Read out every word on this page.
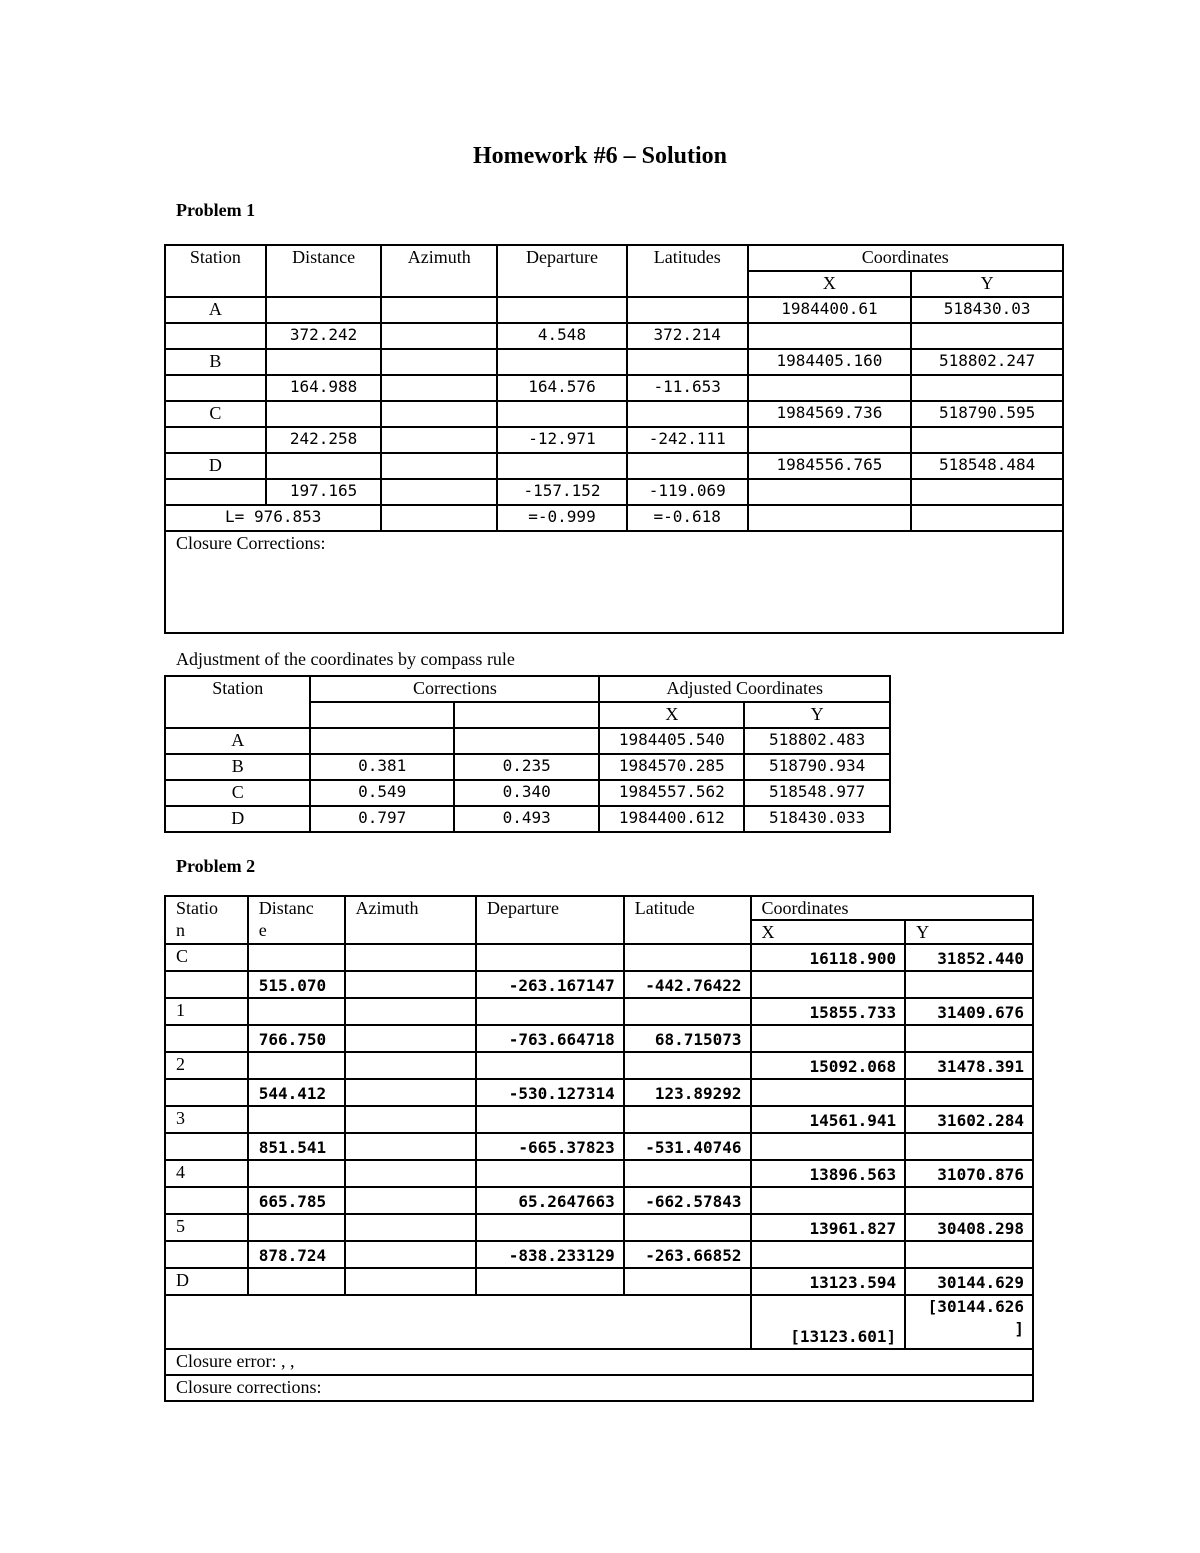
Homework #6 – Solution
Problem 1
Station	Distance	Azimuth	Departure	Latitudes	Coordinates	
					X	Y
A					1984400.61	518430.03
	372.242		4.548	372.214		
B					1984405.160	518802.247
	164.988		164.576	-11.653		
C					1984569.736	518790.595
	242.258		-12.971	-242.111		
D					1984556.765	518548.484
	197.165		-157.152	-119.069		
L= 976.853			=-0.999	=-0.618		
Closure Corrections:						
Adjustment of the coordinates by compass rule
Station	Corrections		Adjusted Coordinates	
			X	Y
A			1984405.540	518802.483
B	0.381	0.235	1984570.285	518790.934
C	0.549	0.340	1984557.562	518548.977
D	0.797	0.493	1984400.612	518430.033
Problem 2
Statio
n	Distanc
e	Azimuth	Departure	Latitude	Coordinates	
					X	Y
C					16118.900	31852.440
	515.070		-263.167147	-442.76422		
1					15855.733	31409.676
	766.750		-763.664718	68.715073		
2					15092.068	31478.391
	544.412		-530.127314	123.89292		
3					14561.941	31602.284
	851.541		-665.37823	-531.40746		
4					13896.563	31070.876
	665.785		65.2647663	-662.57843		
5					13961.827	30408.298
	878.724		-838.233129	-263.66852		
D					13123.594	30144.629
					[13123.601]	[30144.626
]
Closure error: , ,						
Closure corrections:						
